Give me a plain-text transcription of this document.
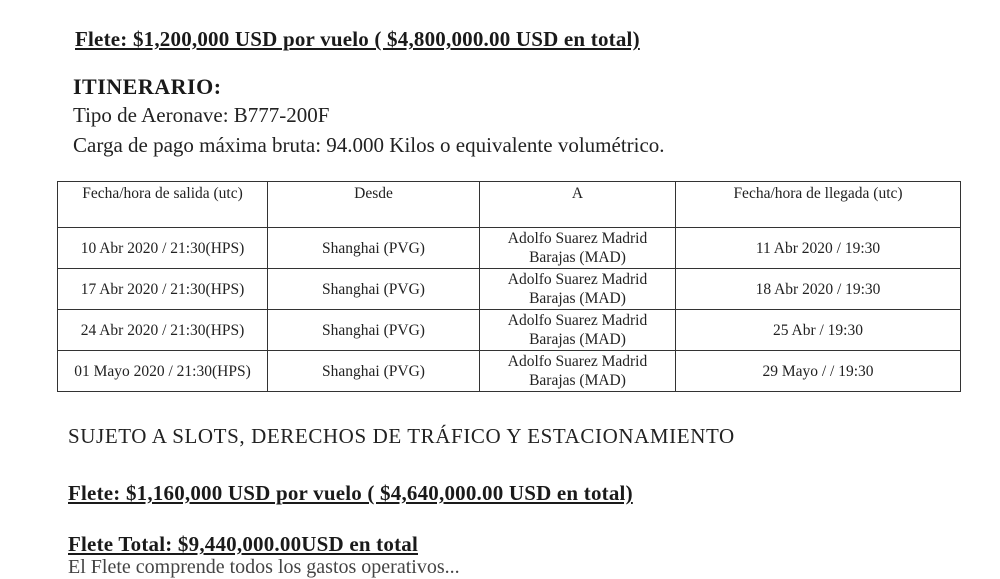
Flete: $1,200,000 USD por vuelo ( $4,800,000.00 USD en total)
ITINERARIO:
Tipo de Aeronave: B777-200F
Carga de pago máxima bruta: 94.000 Kilos o equivalente volumétrico.
Fecha/hora de salida (utc)	Desde	A	Fecha/hora de llegada (utc)
10 Abr 2020 / 21:30(HPS)	Shanghai (PVG)	Adolfo Suarez Madrid Barajas (MAD)	11 Abr 2020 / 19:30
17 Abr 2020 / 21:30(HPS)	Shanghai (PVG)	Adolfo Suarez Madrid Barajas (MAD)	18 Abr 2020 / 19:30
24 Abr 2020 / 21:30(HPS)	Shanghai (PVG)	Adolfo Suarez Madrid Barajas (MAD)	25 Abr / 19:30
01 Mayo 2020 / 21:30(HPS)	Shanghai (PVG)	Adolfo Suarez Madrid Barajas (MAD)	29 Mayo / / 19:30
SUJETO A SLOTS, DERECHOS DE TRÁFICO Y ESTACIONAMIENTO
Flete: $1,160,000 USD por vuelo ( $4,640,000.00 USD en total)
Flete Total: $9,440,000.00USD en total
El Flete comprende todos los gastos operativos...
